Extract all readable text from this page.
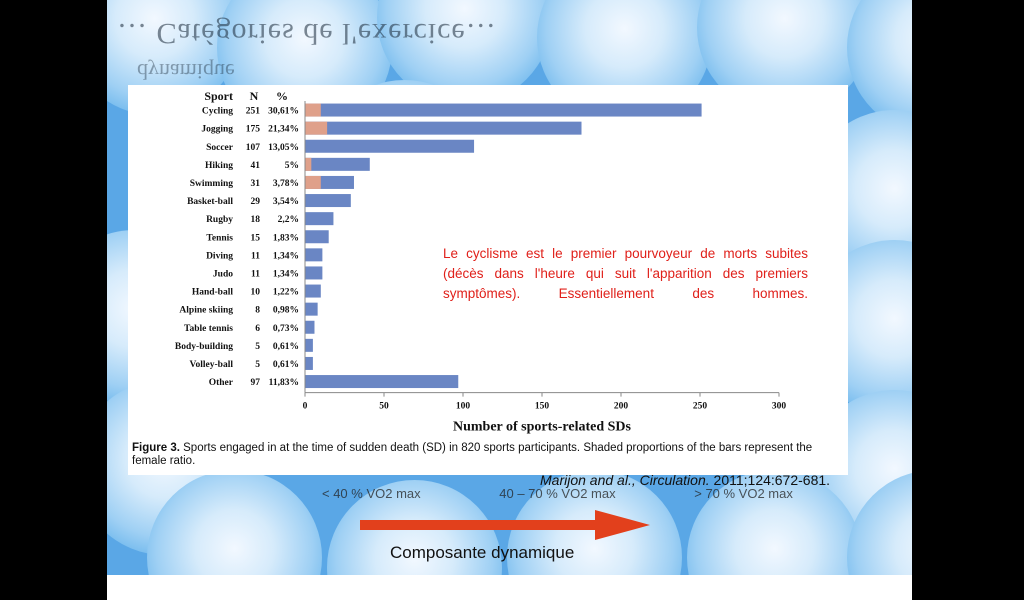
… Catégories de l'exercice…
dynamique
< 40 % VO2 max	40 – 70 % VO2 max	> 70 % VO2 max
Sport N %
Cycling 251 30,61%
Jogging 175 21,34%
Soccer 107 13,05%
Hiking 41	5%
Swimming 31 3,78%
Basket-ball 29 3,54%
Rugby 18 2,2%
Tennis 15 1,83%
Diving 11 1,34%
Judo 11 1,34%
Hand-ball 10 1,22%
Alpine skiing 8 0,98%
Table tennis 6 0,73%
Body-building 5 0,61%
Volley-ball 5 0,61%
Other 97 11,83%
0	50	100	150	200	250	300
Number of sports-related SDs
Figure 3. Sports engaged in at the time of sudden death (SD) in 820 sports participants. Shaded proportions of the bars represent the female ratio.
Le cyclisme est le premier pourvoyeur de morts subites
(décès dans l'heure qui suit l'apparition des premiers
symptômes). Essentiellement des hommes.
Marijon and al., Circulation. 2011;124:672-681.
Composante dynamique
